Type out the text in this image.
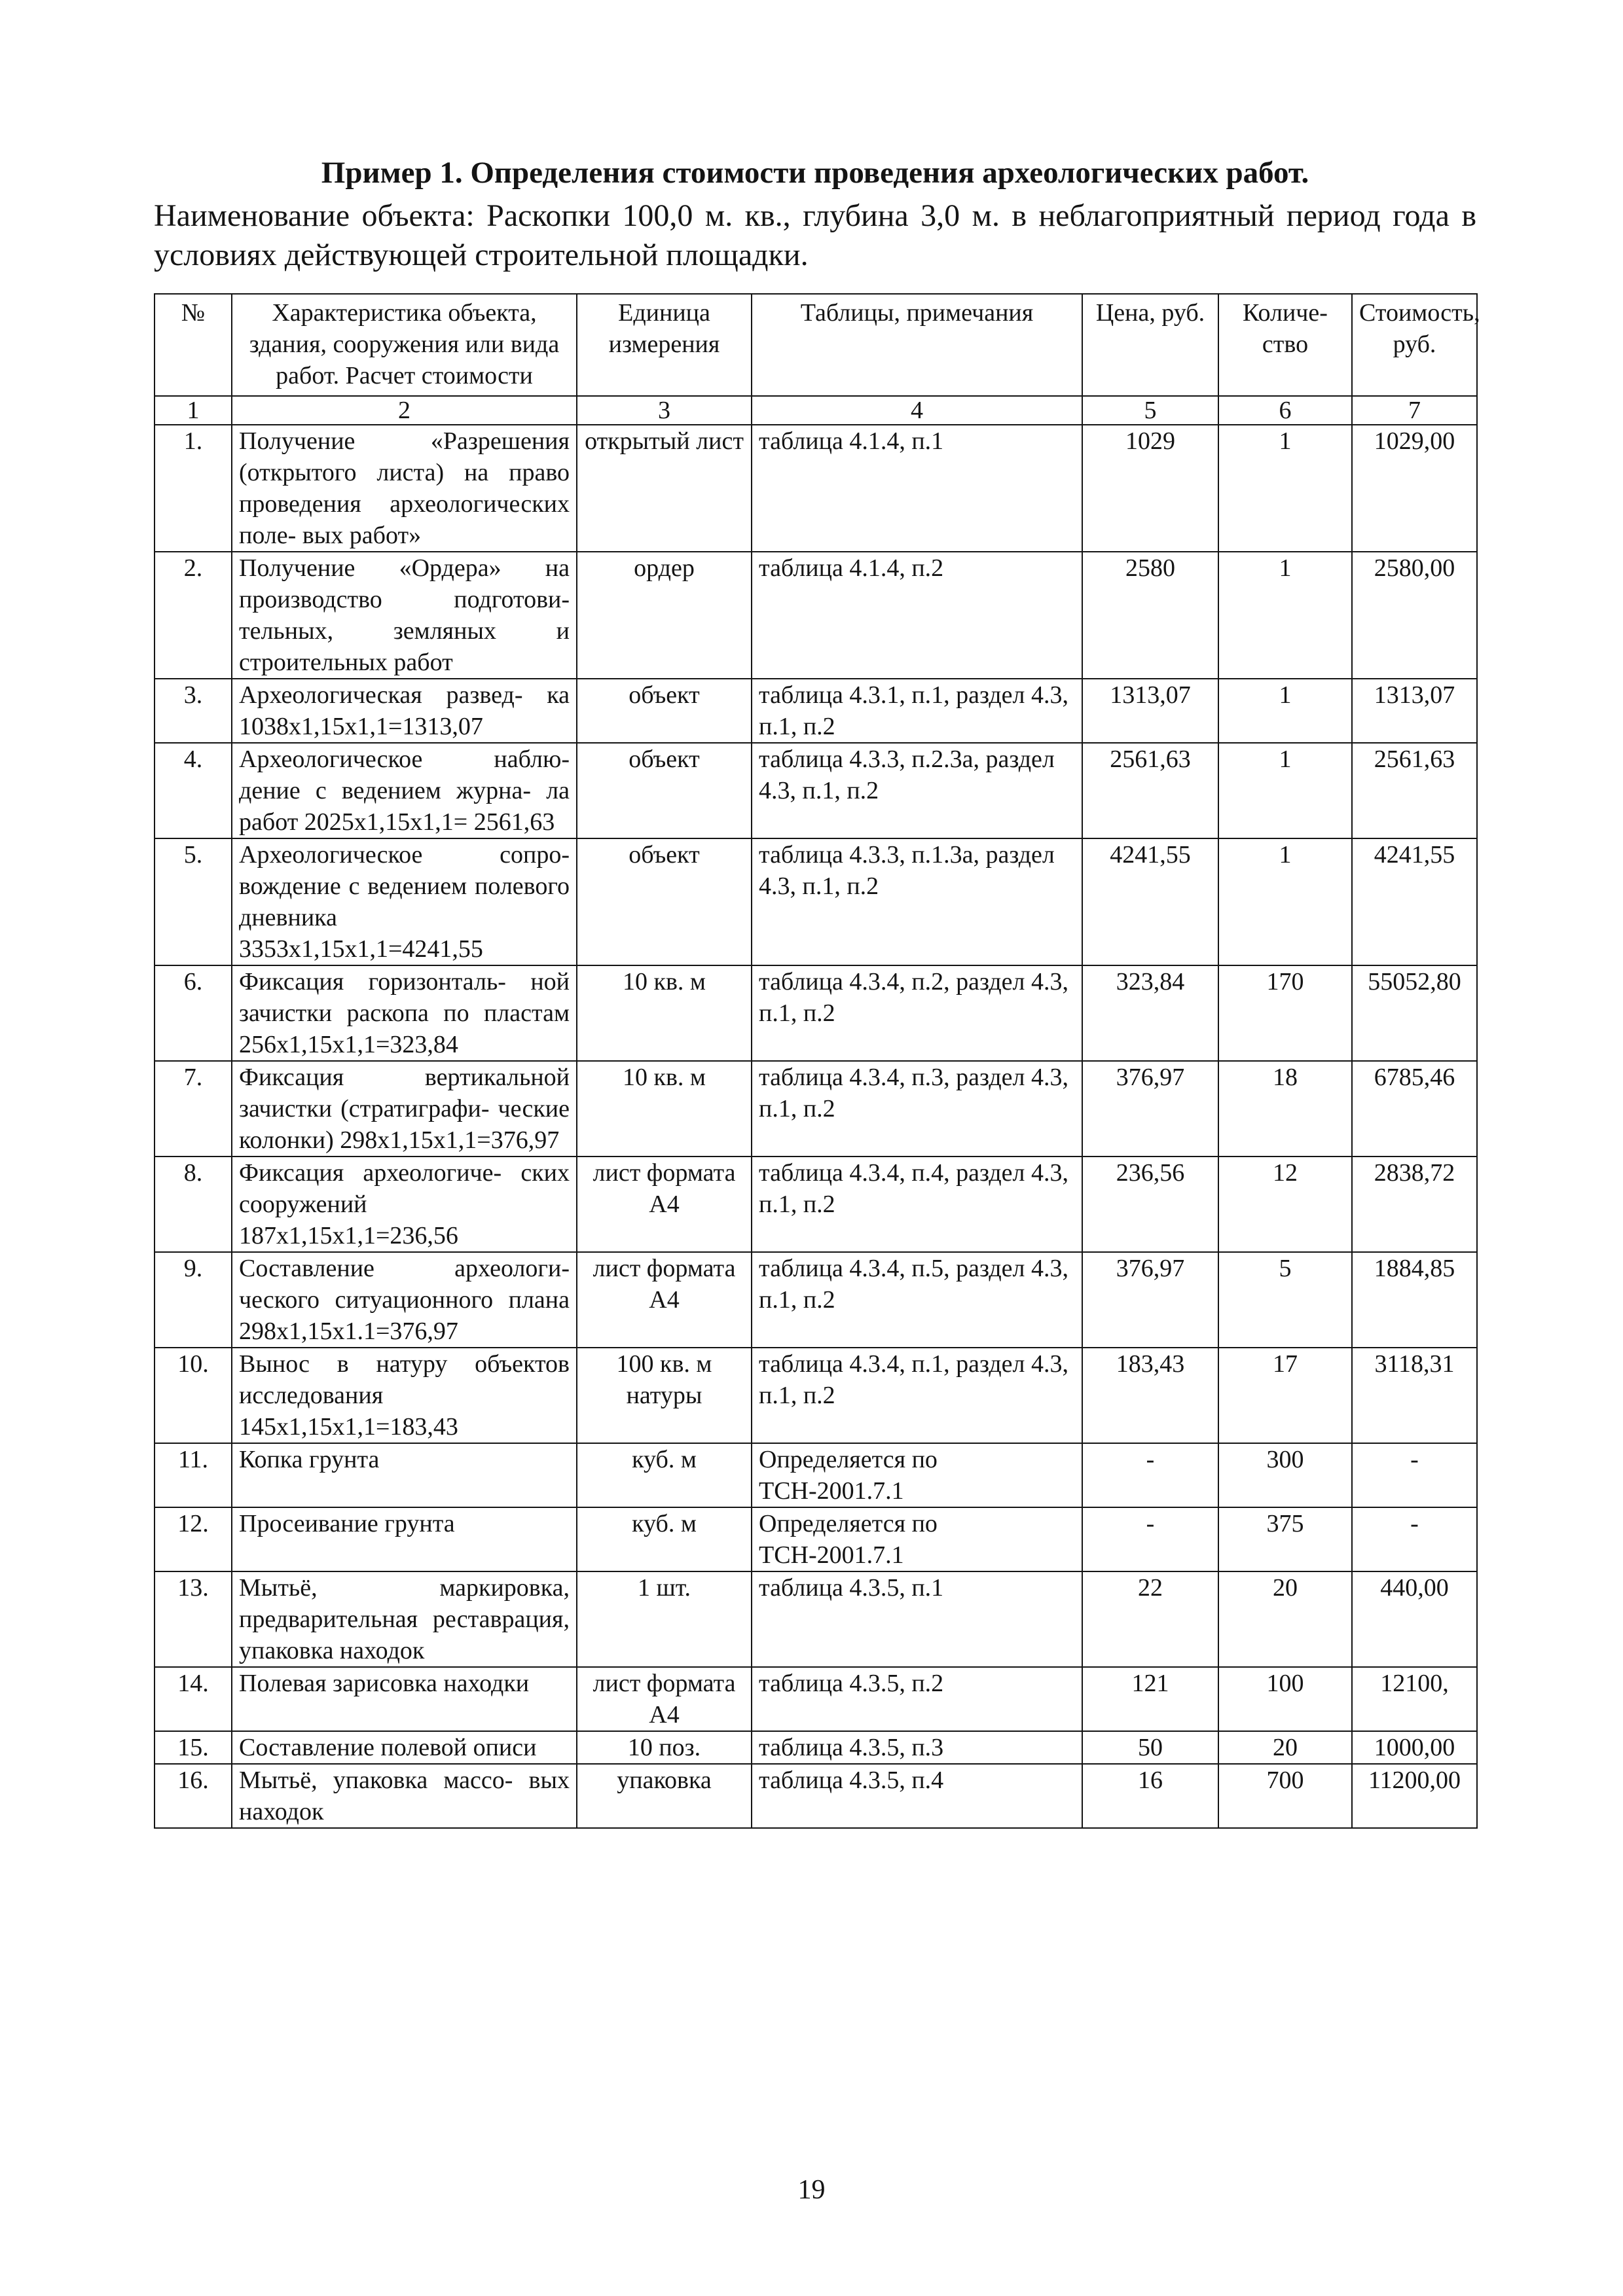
Пример 1. Определения стоимости проведения археологических работ.

Наименование объекта: Раскопки 100,0 м. кв., глубина 3,0 м. в неблагоприятный период года в условиях действующей строительной площадки.

№	Характеристика объекта, здания, сооружения или вида работ. Расчет стоимости	Единица измерения	Таблицы, примечания	Цена, руб.	Количе- ство	Стоимость, руб.
1	2	3	4	5	6	7
1.	Получение «Разрешения (открытого листа) на право проведения археологических поле- вых работ»	открытый лист	таблица 4.1.4, п.1	1029	1	1029,00
2.	Получение «Ордера» на производство подготови- тельных, земляных и строительных работ	ордер	таблица 4.1.4, п.2	2580	1	2580,00
3.	Археологическая развед- ка 1038х1,15х1,1=1313,07	объект	таблица 4.3.1, п.1, раздел 4.3, п.1, п.2	1313,07	1	1313,07
4.	Археологическое наблю- дение с ведением журна- ла работ 2025х1,15х1,1= 2561,63	объект	таблица 4.3.3, п.2.3а, раздел 4.3, п.1, п.2	2561,63	1	2561,63
5.	Археологическое сопро- вождение с ведением полевого дневника 3353х1,15х1,1=4241,55	объект	таблица 4.3.3, п.1.3а, раздел 4.3, п.1, п.2	4241,55	1	4241,55
6.	Фиксация горизонталь- ной зачистки раскопа по пластам 256х1,15х1,1=323,84	10 кв. м	таблица 4.3.4, п.2, раздел 4.3, п.1, п.2	323,84	170	55052,80
7.	Фиксация вертикальной зачистки (стратиграфи- ческие колонки) 298х1,15х1,1=376,97	10 кв. м	таблица 4.3.4, п.3, раздел 4.3, п.1, п.2	376,97	18	6785,46
8.	Фиксация археологиче- ских сооружений 187х1,15х1,1=236,56	лист формата А4	таблица 4.3.4, п.4, раздел 4.3, п.1, п.2	236,56	12	2838,72
9.	Составление археологи- ческого ситуационного плана 298х1,15х1.1=376,97	лист формата А4	таблица 4.3.4, п.5, раздел 4.3, п.1, п.2	376,97	5	1884,85
10.	Вынос в натуру объектов исследования 145х1,15х1,1=183,43	100 кв. м натуры	таблица 4.3.4, п.1, раздел 4.3, п.1, п.2	183,43	17	3118,31
11.	Копка грунта	куб. м	Определяется по ТСН-2001.7.1	-	300	-
12.	Просеивание грунта	куб. м	Определяется по ТСН-2001.7.1	-	375	-
13.	Мытьё, маркировка, предварительная реставрация, упаковка находок	1 шт.	таблица 4.3.5, п.1	22	20	440,00
14.	Полевая зарисовка находки	лист формата А4	таблица 4.3.5, п.2	121	100	12100,
15.	Составление полевой описи	10 поз.	таблица 4.3.5, п.3	50	20	1000,00
16.	Мытьё, упаковка массо- вых находок	упаковка	таблица 4.3.5, п.4	16	700	11200,00
19
